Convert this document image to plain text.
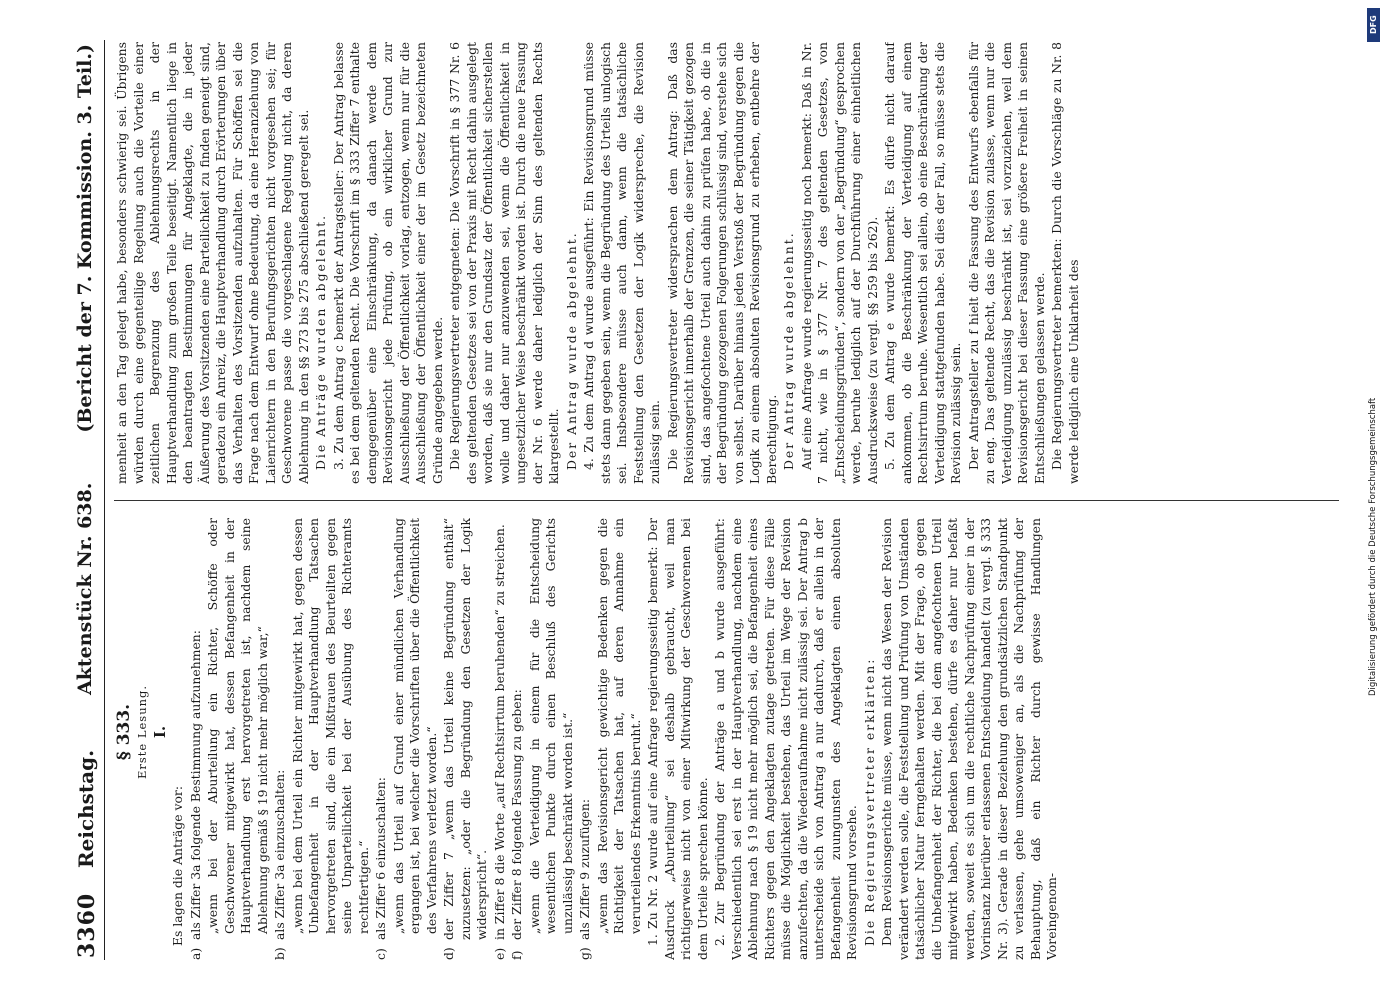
3360
Reichstag.
Aktenstück Nr. 638.
(Bericht der 7. Kommission. 3. Teil.)

§ 333. Erste Lesung. I.

Es lagen die Anträge vor:

a)
als Ziffer 3a folgende Bestimmung aufzunehmen: „wenn bei der Aburteilung ein Richter, Schöffe oder Geschworener mitgewirkt hat, dessen Befangenheit in der Hauptverhandlung erst hervorgetreten ist, nachdem seine Ablehnung gemäß § 19 nicht mehr möglich war,“

b)
als Ziffer 3a einzuschalten: „wenn bei dem Urteil ein Richter mitgewirkt hat, gegen dessen Unbefangenheit in der Hauptverhandlung Tatsachen hervorgetreten sind, die ein Mißtrauen des Beurteilten gegen seine Unparteilichkeit bei der Ausübung des Richteramts rechtfertigen.“

c)
als Ziffer 6 einzuschalten: „wenn das Urteil auf Grund einer mündlichen Verhandlung ergangen ist, bei welcher die Vorschriften über die Öffentlichkeit des Verfahrens verletzt worden.“

d)
der Ziffer 7 „wenn das Urteil keine Begründung enthält“ zuzusetzen: „oder die Begründung den Gesetzen der Logik widerspricht“.

e)
in Ziffer 8 die Worte „auf Rechtsirrtum beruhenden“ zu streichen.

f)
der Ziffer 8 folgende Fassung zu geben: „wenn die Verteidigung in einem für die Entscheidung wesentlichen Punkte durch einen Beschluß des Gerichts unzulässig beschränkt worden ist.“

g)
als Ziffer 9 zuzufügen: „wenn das Revisionsgericht gewichtige Bedenken gegen die Richtigkeit der Tatsachen hat, auf deren Annahme ein verurteilendes Erkenntnis beruht.“ 1. Zu Nr. 2 wurde auf eine Anfrage regierungsseitig bemerkt: Der Ausdruck „Aburteilung“ sei deshalb gebraucht, weil man richtigerweise nicht von einer Mitwirkung der Geschworenen bei dem Urteile sprechen könne. 2. Zur Begründung der Anträge a und b wurde ausgeführt: Verschiedentlich sei erst in der Hauptverhandlung, nachdem eine Ablehnung nach § 19 nicht mehr möglich sei, die Befangenheit eines Richters gegen den Angeklagten zutage getreten. Für diese Fälle müsse die Möglichkeit bestehen, das Urteil im Wege der Revision anzufechten, da die Wiederaufnahme nicht zulässig sei. Der Antrag b unterscheide sich von Antrag a nur dadurch, daß er allein in der Befangenheit zuungunsten des Angeklagten einen absoluten Revisionsgrund vorsehe. Die Regierungsvertreter erklärten: Dem Revisionsgerichte müsse, wenn nicht das Wesen der Revision verändert werden solle, die Feststellung und Prüfung von Umständen tatsächlicher Natur ferngehalten werden. Mit der Frage, ob gegen die Unbefangenheit der Richter, die bei dem angefochtenen Urteil mitgewirkt haben, Bedenken bestehen, dürfe es daher nur befaßt werden, soweit es sich um die rechtliche Nachprüfung einer in der Vorinstanz hierüber erlassenen Entscheidung handelt (zu vergl. § 333 Nr. 3). Gerade in dieser Beziehung den grundsätzlichen Standpunkt zu verlassen, gehe umsoweniger an, als die Nachprüfung der Behauptung, daß ein Richter durch gewisse Handlungen Voreingenom-

menheit an den Tag gelegt habe, besonders schwierig sei. Übrigens würden durch eine gegenteilige Regelung auch die Vorteile einer zeitlichen Begrenzung des Ablehnungsrechts in der Hauptverhandlung zum großen Teile beseitigt. Namentlich liege in den beantragten Bestimmungen für Angeklagte, die in jeder Äußerung des Vorsitzenden eine Parteilichkeit zu finden geneigt sind, geradezu ein Anreiz, die Hauptverhandlung durch Erörterungen über das Verhalten des Vorsitzenden aufzuhalten. Für Schöffen sei die Frage nach dem Entwurf ohne Bedeutung, da eine Heranziehung von Laienrichtern in den Berufungsgerichten nicht vorgesehen sei; für Geschworene passe die vorgeschlagene Regelung nicht, da deren Ablehnung in den §§ 273 bis 275 abschließend geregelt sei. Die Anträge wurden abgelehnt. 3. Zu dem Antrag c bemerkt der Antragsteller: Der Antrag belasse es bei dem geltenden Recht. Die Vorschrift im § 333 Ziffer 7 enthalte demgegenüber eine Einschränkung, da danach werde dem Revisionsgericht jede Prüfung, ob ein wirklicher Grund zur Ausschließung der Öffentlichkeit vorlag, entzogen, wenn nur für die Ausschließung der Öffentlichkeit einer der im Gesetz bezeichneten Gründe angegeben werde. Die Regierungsvertreter entgegneten: Die Vorschrift in § 377 Nr. 6 des geltenden Gesetzes sei von der Praxis mit Recht dahin ausgelegt worden, daß sie nur den Grundsatz der Öffentlichkeit sicherstellen wolle und daher nur anzuwenden sei, wenn die Öffentlichkeit in ungesetzlicher Weise beschränkt worden ist. Durch die neue Fassung der Nr. 6 werde daher lediglich der Sinn des geltenden Rechts klargestellt. Der Antrag wurde abgelehnt. 4. Zu dem Antrag d wurde ausgeführt: Ein Revisionsgrund müsse stets dann gegeben sein, wenn die Begründung des Urteils unlogisch sei. Insbesondere müsse auch dann, wenn die tatsächliche Feststellung den Gesetzen der Logik widerspreche, die Revision zulässig sein. Die Regierungsvertreter widersprachen dem Antrag: Daß das Revisionsgericht innerhalb der Grenzen, die seiner Tätigkeit gezogen sind, das angefochtene Urteil auch dahin zu prüfen habe, ob die in der Begründung gezogenen Folgerungen schlüssig sind, verstehe sich von selbst. Darüber hinaus jeden Verstoß der Begründung gegen die Logik zu einem absoluten Revisionsgrund zu erheben, entbehre der Berechtigung. Der Antrag wurde abgelehnt. Auf eine Anfrage wurde regierungsseitig noch bemerkt: Daß in Nr. 7 nicht, wie in § 377 Nr. 7 des geltenden Gesetzes, von „Entscheidungsgründen“, sondern von der „Begründung“ gesprochen werde, beruhe lediglich auf der Durchführung einer einheitlichen Ausdrucksweise (zu vergl. §§ 259 bis 262). 5. Zu dem Antrag e wurde bemerkt: Es dürfe nicht darauf ankommen, ob die Beschränkung der Verteidigung auf einem Rechtsirrtum beruhe. Wesentlich sei allein, ob eine Beschränkung der Verteidigung stattgefunden habe. Sei dies der Fall, so müsse stets die Revision zulässig sein. Der Antragsteller zu f hielt die Fassung des Entwurfs ebenfalls für zu eng. Das geltende Recht, das die Revision zulasse, wenn nur die Verteidigung unzulässig beschränkt ist, sei vorzuziehen, weil dem Revisionsgericht bei dieser Fassung eine größere Freiheit in seinen Entschließungen gelassen werde. Die Regierungsvertreter bemerkten: Durch die Vorschläge zu Nr. 8 werde lediglich eine Unklarheit des

DFG
Digitalisierung gefördert durch die Deutsche Forschungsgemeinschaft
